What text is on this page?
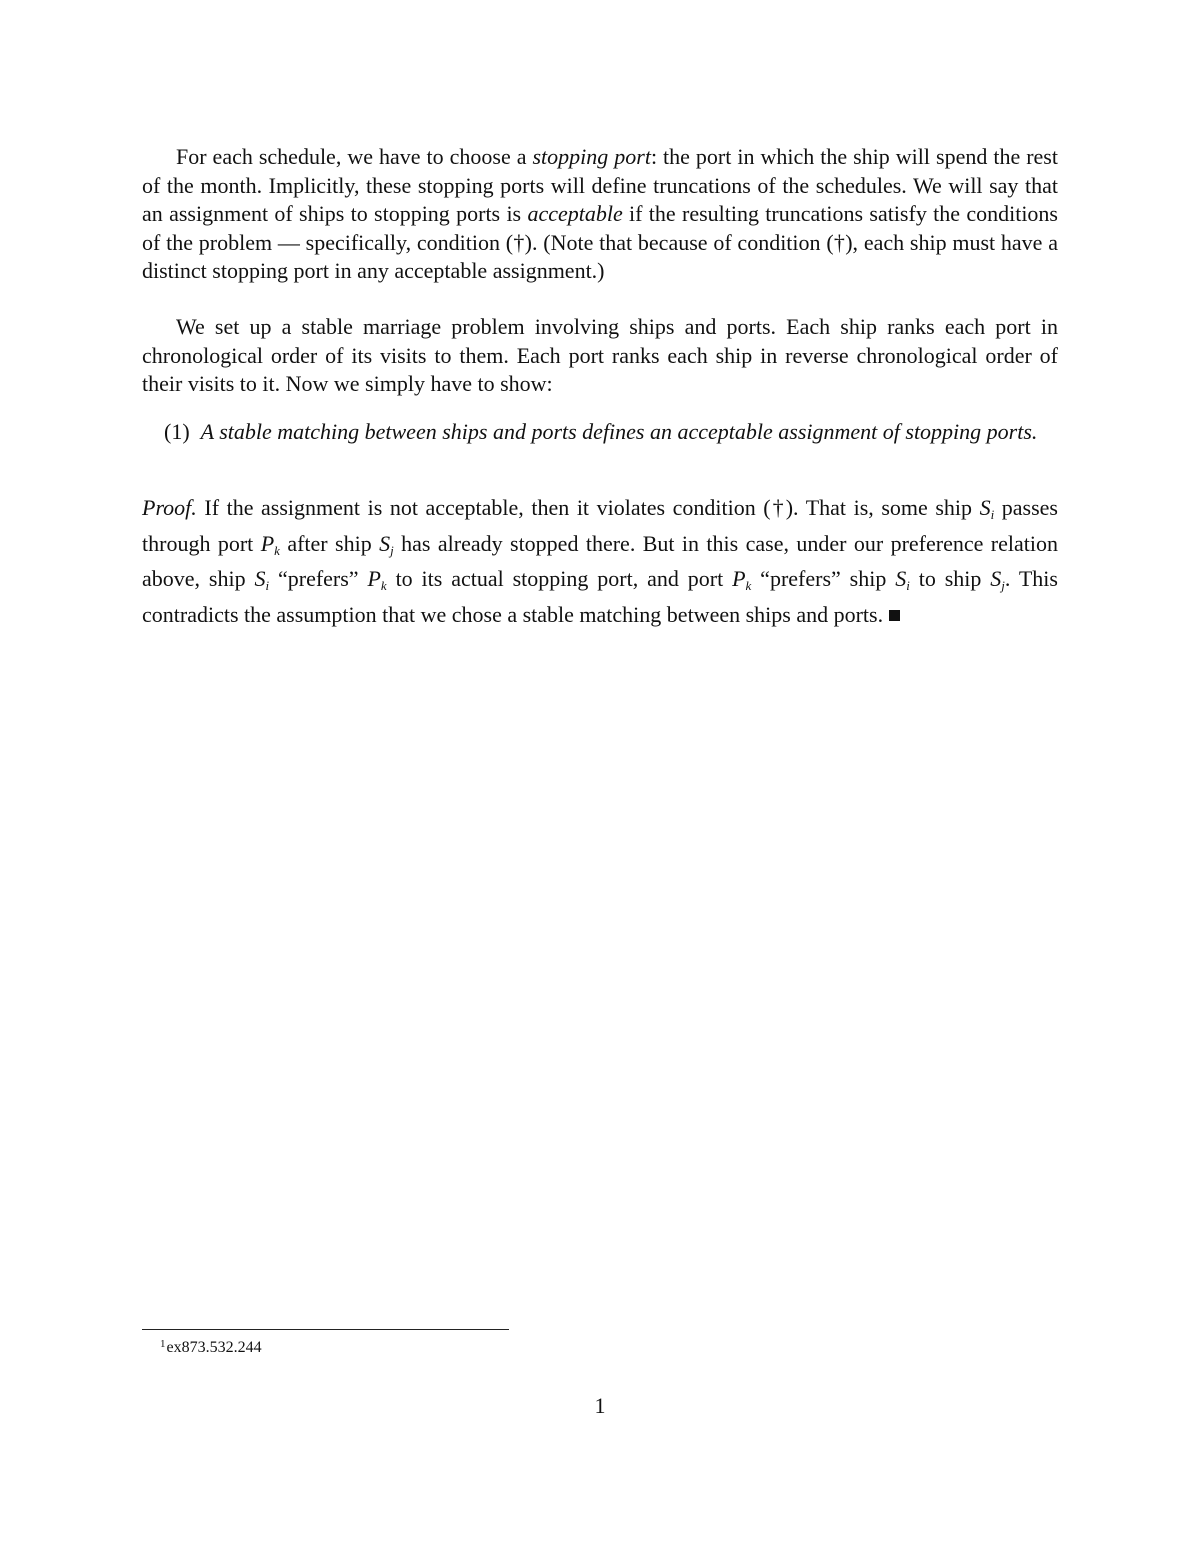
For each schedule, we have to choose a stopping port: the port in which the ship will spend the rest of the month. Implicitly, these stopping ports will define truncations of the schedules. We will say that an assignment of ships to stopping ports is acceptable if the resulting truncations satisfy the conditions of the problem — specifically, condition (†). (Note that because of condition (†), each ship must have a distinct stopping port in any acceptable assignment.)

We set up a stable marriage problem involving ships and ports. Each ship ranks each port in chronological order of its visits to them. Each port ranks each ship in reverse chronological order of their visits to it. Now we simply have to show:

(1) A stable matching between ships and ports defines an acceptable assignment of stopping ports.

Proof. If the assignment is not acceptable, then it violates condition (†). That is, some ship $S_i$ passes through port $P_k$ after ship $S_j$ has already stopped there. But in this case, under our preference relation above, ship $S_i$ “prefers” $P_k$ to its actual stopping port, and port $P_k$ “prefers” ship $S_i$ to ship $S_j$. This contradicts the assumption that we chose a stable matching between ships and ports.

$^1$ex873.532.244
1
